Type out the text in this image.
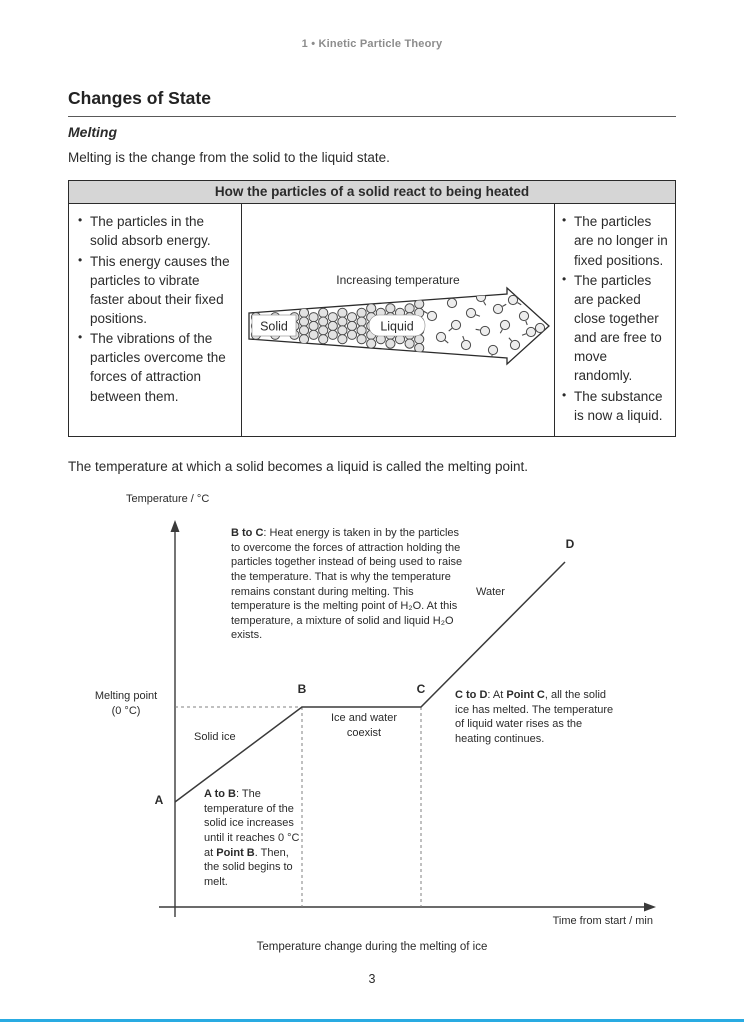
1 • Kinetic Particle Theory
Changes of State
Melting

Melting is the change from the solid to the liquid state.

How the particles of a solid react to being heated
• The particles in the solid absorb energy.
• This energy causes the particles to vibrate faster about their fixed positions.
• The vibrations of the particles overcome the forces of attraction between them.
Increasing temperature
Solid	Liquid
• The particles are no longer in fixed positions.
• The particles are packed close together and are free to move randomly.
• The substance is now a liquid.

The temperature at which a solid becomes a liquid is called the melting point.

Temperature / °C
Time from start / min
A
B	C
D
Melting point
(0 °C)
Solid ice
Ice and water
coexist
Water
B to C: Heat energy is taken in by the particles to overcome the forces of attraction holding the particles together instead of being used to raise the temperature. That is why the temperature remains constant during melting. This temperature is the melting point of H₂O. At this temperature, a mixture of solid and liquid H₂O exists.
C to D: At Point C, all the solid ice has melted. The temperature of liquid water rises as the heating continues.
A to B: The temperature of the solid ice increases until it reaches 0 °C at Point B. Then, the solid begins to melt.
Temperature change during the melting of ice
3
